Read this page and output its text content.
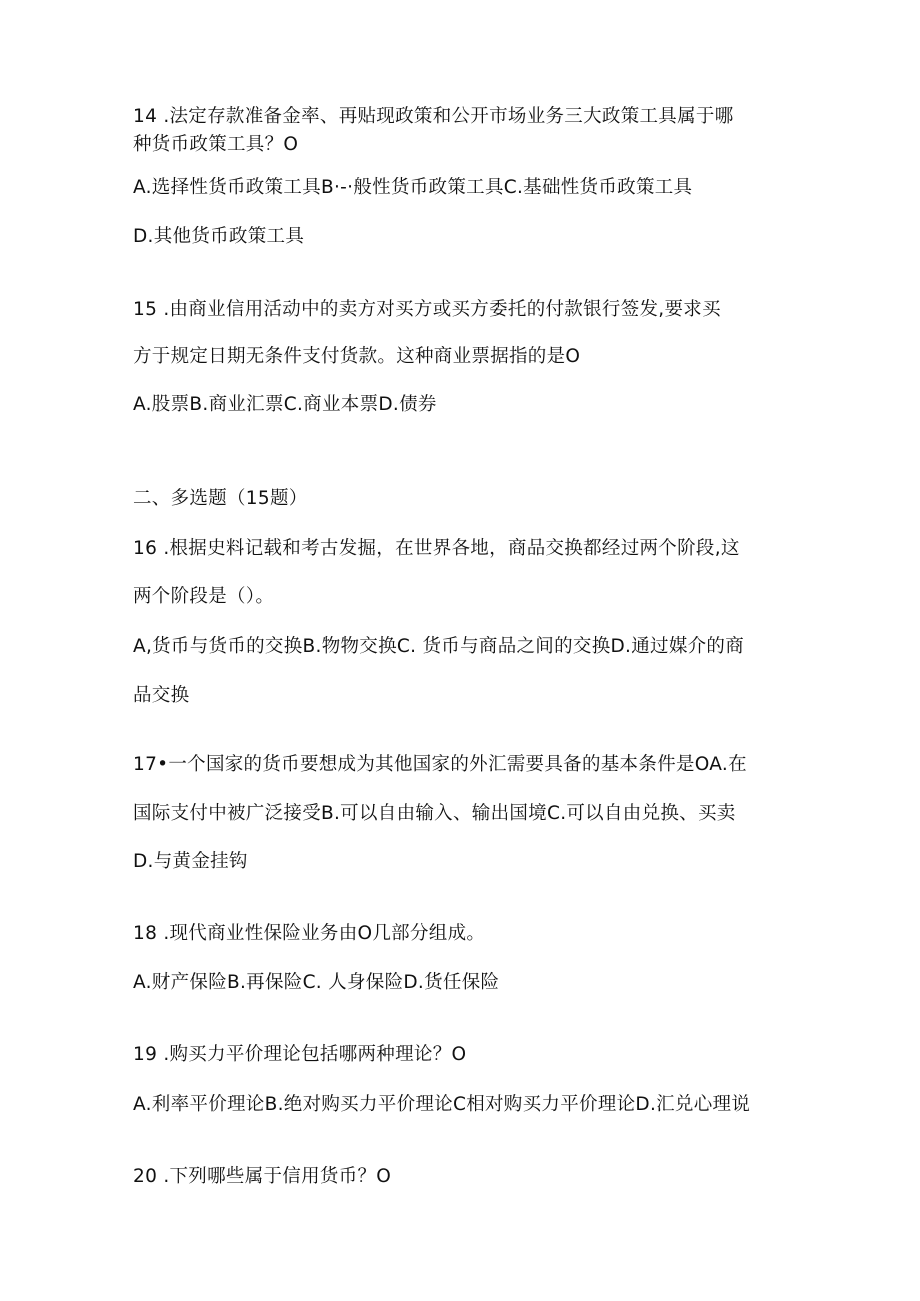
14 .法定存款准备金率、再贴现政策和公开市场业务三大政策工具属于哪
种货币政策工具？O
A.选择性货币政策工具B·-·般性货币政策工具C.基础性货币政策工具
D.其他货币政策工具
15 .由商业信用活动中的卖方对买方或买方委托的付款银行签发,要求买
方于规定日期无条件支付货款。这种商业票据指的是O
A.股票B.商业汇票C.商业本票D.债券
二、多选题（15题）
16 .根据史料记载和考古发掘，在世界各地，商品交换都经过两个阶段,这
两个阶段是（）。
A,货币与货币的交换B.物物交换C. 货币与商品之间的交换D.通过媒介的商
品交换
17•一个国家的货币要想成为其他国家的外汇需要具备的基本条件是OA.在
国际支付中被广泛接受B.可以自由输入、输出国境C.可以自由兑换、买卖
D.与黄金挂钩
18 .现代商业性保险业务由O几部分组成。
A.财产保险B.再保险C. 人身保险D.货任保险
19 .购买力平价理论包括哪两种理论？O
A.利率平价理论B.绝对购买力平价理论C相对购买力平价理论D.汇兑心理说
20 .下列哪些属于信用货币？O
